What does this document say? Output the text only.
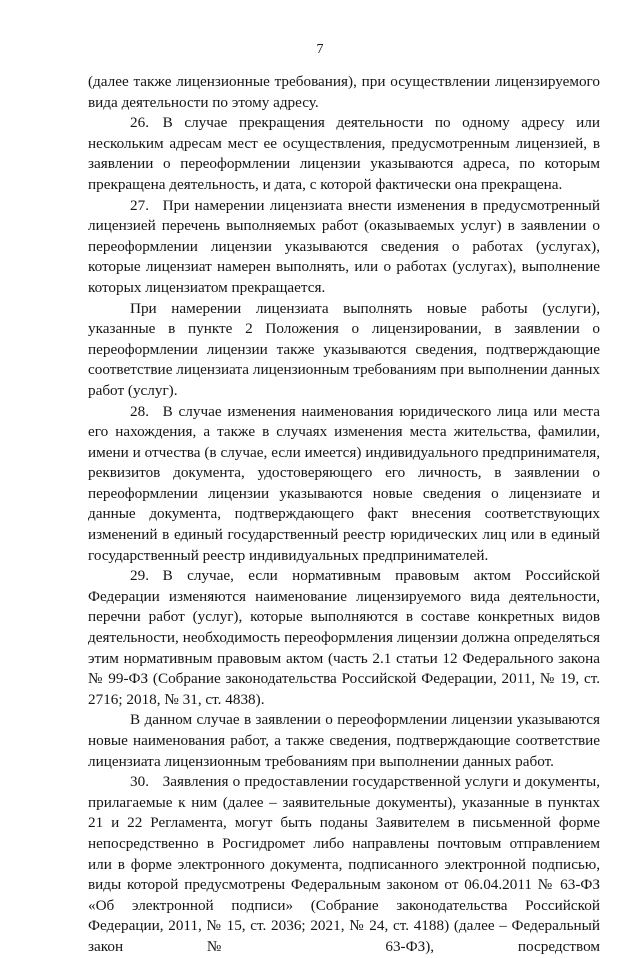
7

(далее также лицензионные требования), при осуществлении лицензируемого вида деятельности по этому адресу.

26. В случае прекращения деятельности по одному адресу или нескольким адресам мест ее осуществления, предусмотренным лицензией, в заявлении о переоформлении лицензии указываются адреса, по которым прекращена деятельность, и дата, с которой фактически она прекращена.

27. При намерении лицензиата внести изменения в предусмотренный лицензией перечень выполняемых работ (оказываемых услуг) в заявлении о переоформлении лицензии указываются сведения о работах (услугах), которые лицензиат намерен выполнять, или о работах (услугах), выполнение которых лицензиатом прекращается.

При намерении лицензиата выполнять новые работы (услуги), указанные в пункте 2 Положения о лицензировании, в заявлении о переоформлении лицензии также указываются сведения, подтверждающие соответствие лицензиата лицензионным требованиям при выполнении данных работ (услуг).

28. В случае изменения наименования юридического лица или места его нахождения, а также в случаях изменения места жительства, фамилии, имени и отчества (в случае, если имеется) индивидуального предпринимателя, реквизитов документа, удостоверяющего его личность, в заявлении о переоформлении лицензии указываются новые сведения о лицензиате и данные документа, подтверждающего факт внесения соответствующих изменений в единый государственный реестр юридических лиц или в единый государственный реестр индивидуальных предпринимателей.

29. В случае, если нормативным правовым актом Российской Федерации изменяются наименование лицензируемого вида деятельности, перечни работ (услуг), которые выполняются в составе конкретных видов деятельности, необходимость переоформления лицензии должна определяться этим нормативным правовым актом (часть 2.1 статьи 12 Федерального закона № 99-ФЗ (Собрание законодательства Российской Федерации, 2011, № 19, ст. 2716; 2018, № 31, ст. 4838).

В данном случае в заявлении о переоформлении лицензии указываются новые наименования работ, а также сведения, подтверждающие соответствие лицензиата лицензионным требованиям при выполнении данных работ.

30. Заявления о предоставлении государственной услуги и документы, прилагаемые к ним (далее – заявительные документы), указанные в пунктах 21 и 22 Регламента, могут быть поданы Заявителем в письменной форме непосредственно в Росгидромет либо направлены почтовым отправлением или в форме электронного документа, подписанного электронной подписью, виды которой предусмотрены Федеральным законом от 06.04.2011 № 63-ФЗ «Об электронной подписи» (Собрание законодательства Российской Федерации, 2011, № 15, ст. 2036; 2021, № 24, ст. 4188) (далее – Федеральный закон № 63-ФЗ), посредством
